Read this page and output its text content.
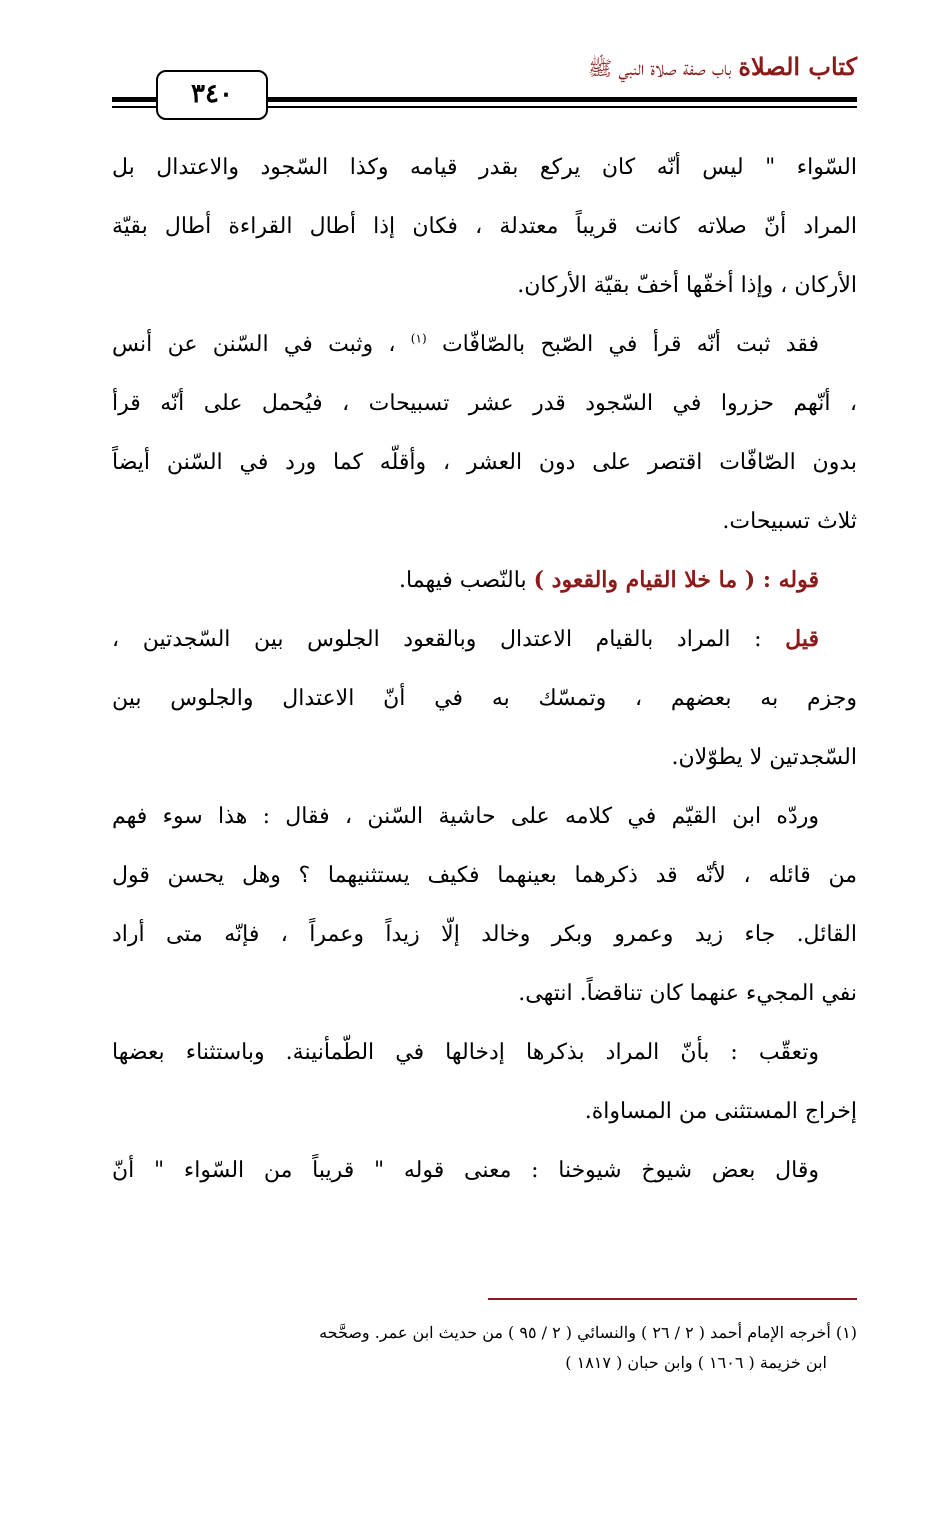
كتاب الصلاة باب صفة صلاة النبي ﷺ
٣٤٠
السّواء " ليس أنّه كان يركع بقدر قيامه وكذا السّجود والاعتدال بل
المراد أنّ صلاته كانت قريباً معتدلة ، فكان إذا أطال القراءة أطال بقيّة
الأركان ، وإذا أخفّها أخفّ بقيّة الأركان.
فقد ثبت أنّه قرأ في الصّبح بالصّافّات $^{(١)}$ ، وثبت في السّنن عن أنس
، أنّهم حزروا في السّجود قدر عشر تسبيحات ، فيُحمل على أنّه قرأ
بدون الصّافّات اقتصر على دون العشر ، وأقلّه كما ورد في السّنن أيضاً
ثلاث تسبيحات.
قوله : ( ما خلا القيام والقعود ) بالنّصب فيهما.
قيل : المراد بالقيام الاعتدال وبالقعود الجلوس بين السّجدتين ،
وجزم به بعضهم ، وتمسّك به في أنّ الاعتدال والجلوس بين
السّجدتين لا يطوّلان.
وردّه ابن القيّم في كلامه على حاشية السّنن ، فقال : هذا سوء فهم
من قائله ، لأنّه قد ذكرهما بعينهما فكيف يستثنيهما ؟ وهل يحسن قول
القائل. جاء زيد وعمرو وبكر وخالد إلّا زيداً وعمراً ، فإنّه متى أراد
نفي المجيء عنهما كان تناقضاً. انتهى.
وتعقّب : بأنّ المراد بذكرها إدخالها في الطّمأنينة. وباستثناء بعضها
إخراج المستثنى من المساواة.
وقال بعض شيوخ شيوخنا : معنى قوله " قريباً من السّواء " أنّ
(١) أخرجه الإمام أحمد ( ٢ / ٢٦ ) والنسائي ( ٢ / ٩٥ ) من حديث ابن عمر. وصحَّحه
ابن خزيمة ( ١٦٠٦ ) وابن حبان ( ١٨١٧ )
